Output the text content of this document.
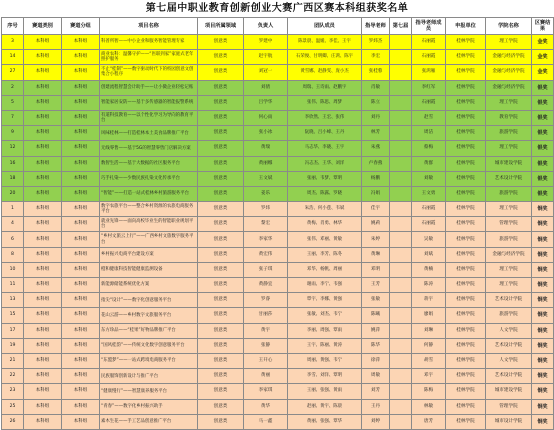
第七届中职业教育创新创业大赛广西区赛本科组获奖名单
序号	赛道类别	赛道分组	项目名称	项目所属领域	负责人	团队成员	指导老师	第七届	指导老师成员	申报单位	学院名称	区赛结果
3	本科组	本科组	科普所智——中小企业和服务智能管理专家	创意类	罗建中	陈景晨、温媛、李佳、王宇	罗炜杰		石丽霞	桂林学院	理工学院	金奖
14	本科组	本科组	商业农科：温馨守护——“医联到家”家庭式老年照护服务	创意类	赵宇航	石荣俊、甘明卿、庄鸿、陈宇	李宏		石丽霞	桂林学院	金融与经济学院	金奖
27	本科组	本科组	不止“桂制”——数字驱动时代下的校园创意文创集合小程序	创意类	刘冠一	黄雪娜、赵静雯、庞小杰	张桂蓉		张鸿雁	桂林学院	金融与经济学院	金奖
2	本科组	本科组	创建流程智慧会计助手——让小微企业轻松记账	创意类	刘倩	周瑞、王诗雨、赵鹏宇	肖敏		李红军	桂林学院	金融与经济学院	银奖
5	本科组	本科组	智能家居安防——基于多传感器的智能报警系统	创意类	吕学华	张伟、陈思、周梦	陈立		石丽霞	桂林学院	理工学院	银奖
7	本科组	本科组	有道科技教育——以个性化学习为导向的教育平台	创意类	何心雨	李欣然、王宏、张伟	刘丹		赵雪	桂林学院	教育学院	银奖
9	本科组	本科组	风味桂林——打造桂林本土美食品牌推广平台	创意类	张小冰	阮晓、吕小峰、王丹	林芳		周洁	桂林学院	旅游学院	银奖
12	本科组	本科组	无线零售——基于5G的智慧零售门店解决方案	创意类	黄瑞	马志华、李晓、王宇	朱燕		蔡梅	桂林学院	理工学院	银奖
16	本科组	本科组	数智生活——基于大数据的社区服务平台	创意类	黄丽娜	冯志杰、王华、刘洋	卢春燕		黄群	桂林学院	城市建设学院	银奖
18	本科组	本科组	巧手扎染——少数民族扎染文化传承平台	创意类	王文斌	张丽、韦梦、覃明	杨鹏		刘敏	桂林学院	艺术设计学院	银奖
20	本科组	本科组	“智能”——打造一站式桂林乡村旅游服务平台	创意类	姜乐	周杰、陈露、罗晓	冯娟		王文勇	桂林学院	旅游学院	银奖
1	本科组	本科组	数字农旅平台——整合乡村资源的农旅电商服务平台	创意类	罗炜	朱浩、何小莲、韦斌	佳宇		石丽霞	桂林学院	理工学院	铜奖
4	本科组	本科组	就业先锋——面向高校毕业生的智能职业规划平台	创意类	黎宏	黄梅、肖勇、林华	姚莉		石丽霞	桂林学院	管理学院	铜奖
6	本科组	本科组	“乡村文旅云上行”——广西乡村文旅数字服务平台	创意类	李家华	张伟、邓丽、黄敏	朱婷		吴敏	桂林学院	旅游学院	铜奖
8	本科组	本科组	乡村振兴电商平台建设方案	创意类	黄宏伟	王丽、李芳、陈冬	黄琳		刘斌	桂林学院	金融与经济学院	铜奖
10	本科组	本科组	橙和健康科技智能健康监测设备	创意类	张子琪	邓华、杨帆、周丽	邓明		黄楠	桂林学院	理工学院	铜奖
11	本科组	本科组	新能源储能系统优化方案	创意类	黄静宜	谢雨、李宁、韦强	王芳		陈涛	桂林学院	理工学院	铜奖
13	本科组	本科组	指尖“设计”——数字化创意服务平台	创意类	罗睿	覃宇、李娜、黄强	张敏		蒋宇	桂林学院	艺术设计学院	铜奖
15	本科组	本科组	花山云游——乡村数字文旅服务平台	创意类	甘丽莎	张敏、刘杰、韦宁	陈曦		廖娟	桂林学院	旅游学院	铜奖
17	本科组	本科组	东方珍品——“桂果”好物品牌推广平台	创意类	黄宇	李丽、周强、覃雨	姚萍		刘琳	桂林学院	人文学院	铜奖
19	本科组	本科组	“国风桂韵”——传统文化数字创意服务平台	创意类	张静	王宇、陈丽、黄涛	陈华		何静	桂林学院	艺术设计学院	铜奖
21	本科组	本科组	“东盟梦”——一站式跨境电商服务平台	创意类	王开心	周丽、黄强、韦宁	徐萍		胡雪	桂林学院	人文学院	铜奖
22	本科组	本科组	民族服饰创新设计与推广平台	创意类	黄丽	李雪、刘洋、覃明	周敏		邓宇	桂林学院	艺术设计学院	铜奖
23	本科组	本科组	“健康慢行”——智慧康养服务平台	创意类	李家琪	王丽、张强、黄雨	刘芳		陈梅	桂林学院	城市建设学院	铜奖
25	本科组	本科组	“青春”——数字化乡村振兴助手	创意类	黄华	赵丽、黄宇、陈晨	王丹		林敏	桂林学院	管理学院	铜奖
26	本科组	本科组	素木生花——手工艺品创意推广平台	创意类	马一鑫	黄丽、张强、覃华	刘婷		唐芳	桂林学院	城市设计学院	铜奖
